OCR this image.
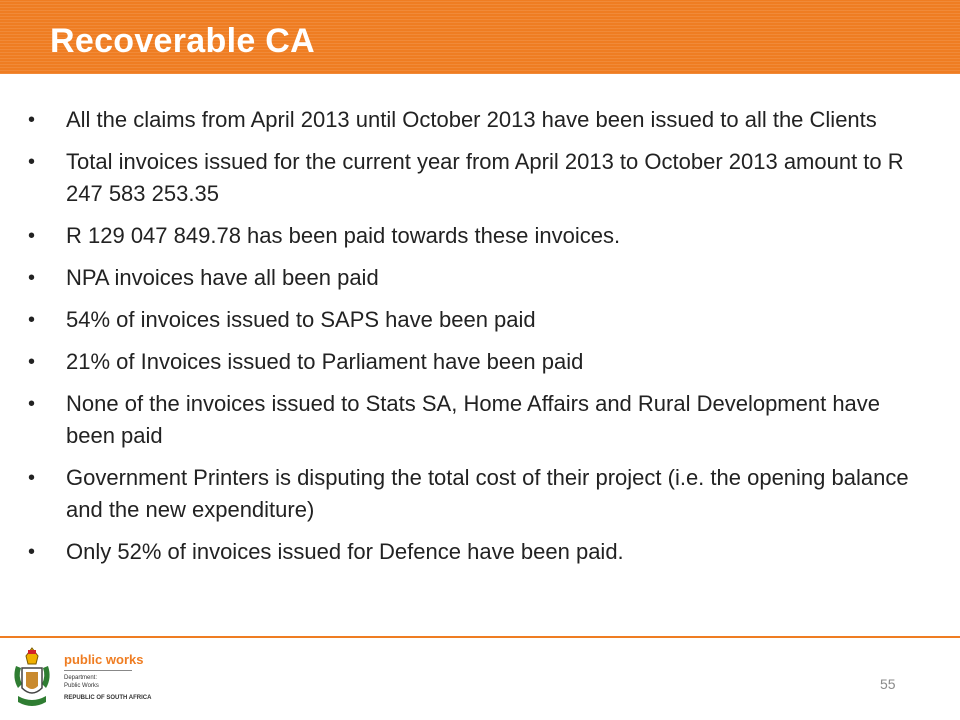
Recoverable CA
• All the claims from April 2013 until October 2013 have been issued to all the Clients
• Total invoices issued for the current year from April 2013 to October 2013 amount to R 247 583 253.35
• R 129 047 849.78 has been paid towards these invoices.
• NPA invoices have all been paid
• 54% of invoices issued to SAPS have been paid
• 21% of Invoices issued to Parliament have been paid
• None of the invoices issued to Stats SA, Home Affairs and Rural Development have been paid
• Government Printers is disputing the total cost of their project (i.e. the opening balance and the new expenditure)
• Only 52% of invoices issued for Defence have been paid.
public works
Department:
Public Works
REPUBLIC OF SOUTH AFRICA
55
